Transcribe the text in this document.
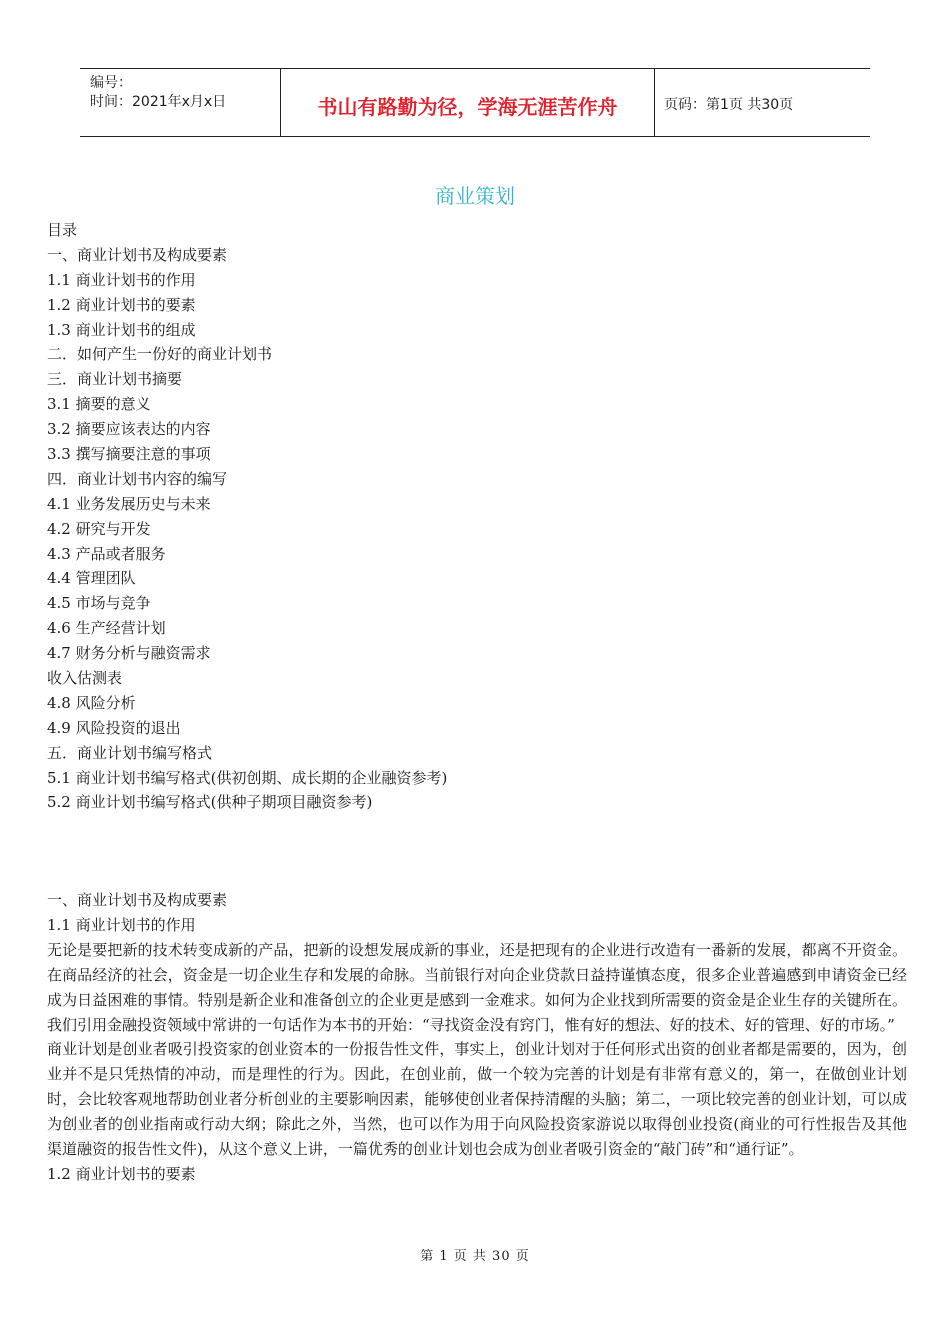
编号：
时间：2021年x月x日	书山有路勤为径，学海无涯苦作舟	页码：第1页 共30页
商业策划
目录
一、商业计划书及构成要素
1.1 商业计划书的作用
1.2 商业计划书的要素
1.3 商业计划书的组成
二．如何产生一份好的商业计划书
三．商业计划书摘要
3.1 摘要的意义
3.2 摘要应该表达的内容
3.3 撰写摘要注意的事项
四．商业计划书内容的编写
4.1 业务发展历史与未来
4.2 研究与开发
4.3 产品或者服务
4.4 管理团队
4.5 市场与竞争
4.6 生产经营计划
4.7 财务分析与融资需求
收入估测表
4.8 风险分析
4.9 风险投资的退出
五．商业计划书编写格式
5.1 商业计划书编写格式(供初创期、成长期的企业融资参考)
5.2 商业计划书编写格式(供种子期项目融资参考)
一、商业计划书及构成要素
1.1 商业计划书的作用
无论是要把新的技术转变成新的产品，把新的设想发展成新的事业，还是把现有的企业进行改造有一番新的发展，都离不开资金。在商品经济的社会，资金是一切企业生存和发展的命脉。当前银行对向企业贷款日益持谨慎态度，很多企业普遍感到申请资金已经成为日益困难的事情。特别是新企业和准备创立的企业更是感到一金难求。如何为企业找到所需要的资金是企业生存的关键所在。我们引用金融投资领域中常讲的一句话作为本书的开始：“寻找资金没有窍门，惟有好的想法、好的技术、好的管理、好的市场。”
商业计划是创业者吸引投资家的创业资本的一份报告性文件，事实上，创业计划对于任何形式出资的创业者都是需要的，因为，创业并不是只凭热情的冲动，而是理性的行为。因此，在创业前，做一个较为完善的计划是有非常有意义的，第一，在做创业计划时，会比较客观地帮助创业者分析创业的主要影响因素，能够使创业者保持清醒的头脑；第二，一项比较完善的创业计划，可以成为创业者的创业指南或行动大纲；除此之外，当然，也可以作为用于向风险投资家游说以取得创业投资(商业的可行性报告及其他渠道融资的报告性文件)，从这个意义上讲，一篇优秀的创业计划也会成为创业者吸引资金的“敲门砖”和“通行证”。
1.2 商业计划书的要素
第 1 页 共 30 页
